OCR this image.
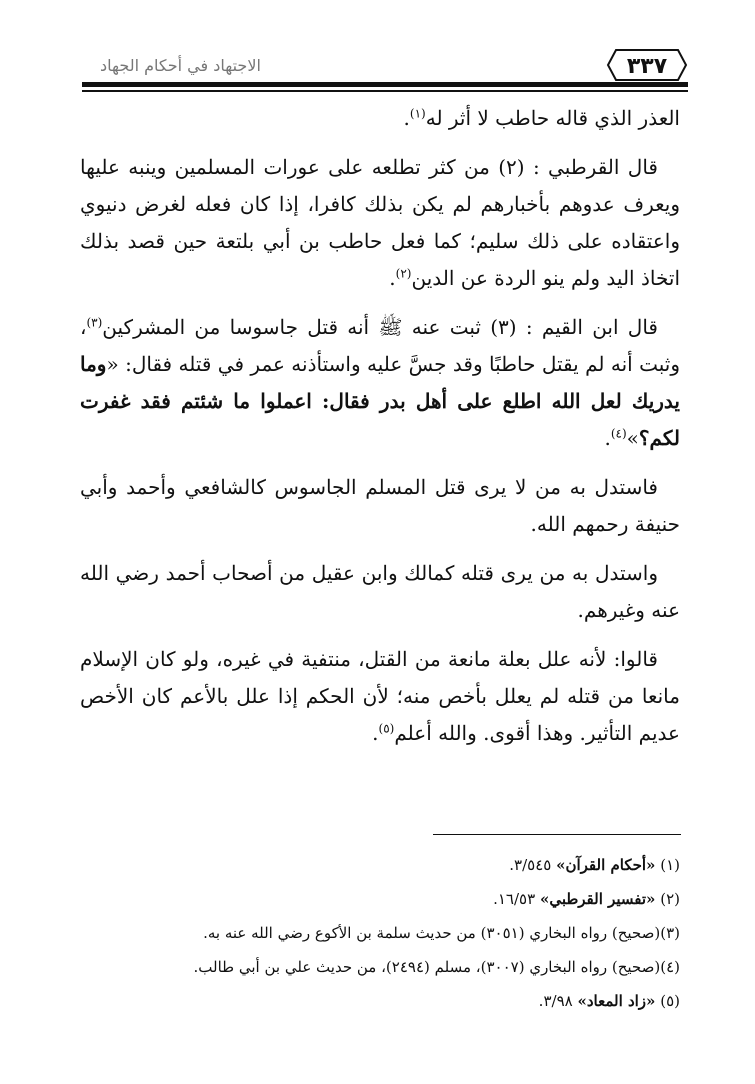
الاجتهاد في أحكام الجهاد	٣٣٧

العذر الذي قاله حاطب لا أثر له$^{(١)}$.

قال القرطبي : (٢) من كثر تطلعه على عورات المسلمين وينبه عليها ويعرف عدوهم بأخبارهم لم يكن بذلك كافرا، إذا كان فعله لغرض دنيوي واعتقاده على ذلك سليم؛ كما فعل حاطب بن أبي بلتعة حين قصد بذلك اتخاذ اليد ولم ينو الردة عن الدين$^{(٢)}$.

قال ابن القيم : (٣) ثبت عنه ﷺ أنه قتل جاسوسا من المشركين$^{(٣)}$، وثبت أنه لم يقتل حاطبًا وقد جسَّ عليه واستأذنه عمر في قتله فقال: «وما يدريك لعل الله اطلع على أهل بدر فقال: اعملوا ما شئتم فقد غفرت لكم؟»$^{(٤)}$.

فاستدل به من لا يرى قتل المسلم الجاسوس كالشافعي وأحمد وأبي حنيفة رحمهم الله.

واستدل به من يرى قتله كمالك وابن عقيل من أصحاب أحمد رضي الله عنه وغيرهم.

قالوا: لأنه علل بعلة مانعة من القتل، منتفية في غيره، ولو كان الإسلام مانعا من قتله لم يعلل بأخص منه؛ لأن الحكم إذا علل بالأعم كان الأخص عديم التأثير. وهذا أقوى. والله أعلم$^{(٥)}$.

(١) «أحكام القرآن» ٣/٥٤٥.
(٢) «تفسير القرطبي» ١٦/٥٣.
(٣)(صحيح) رواه البخاري (٣٠٥١) من حديث سلمة بن الأكوع رضي الله عنه به.
(٤)(صحيح) رواه البخاري (٣٠٠٧)، مسلم (٢٤٩٤)، من حديث علي بن أبي طالب.
(٥) «زاد المعاد» ٣/٩٨.
